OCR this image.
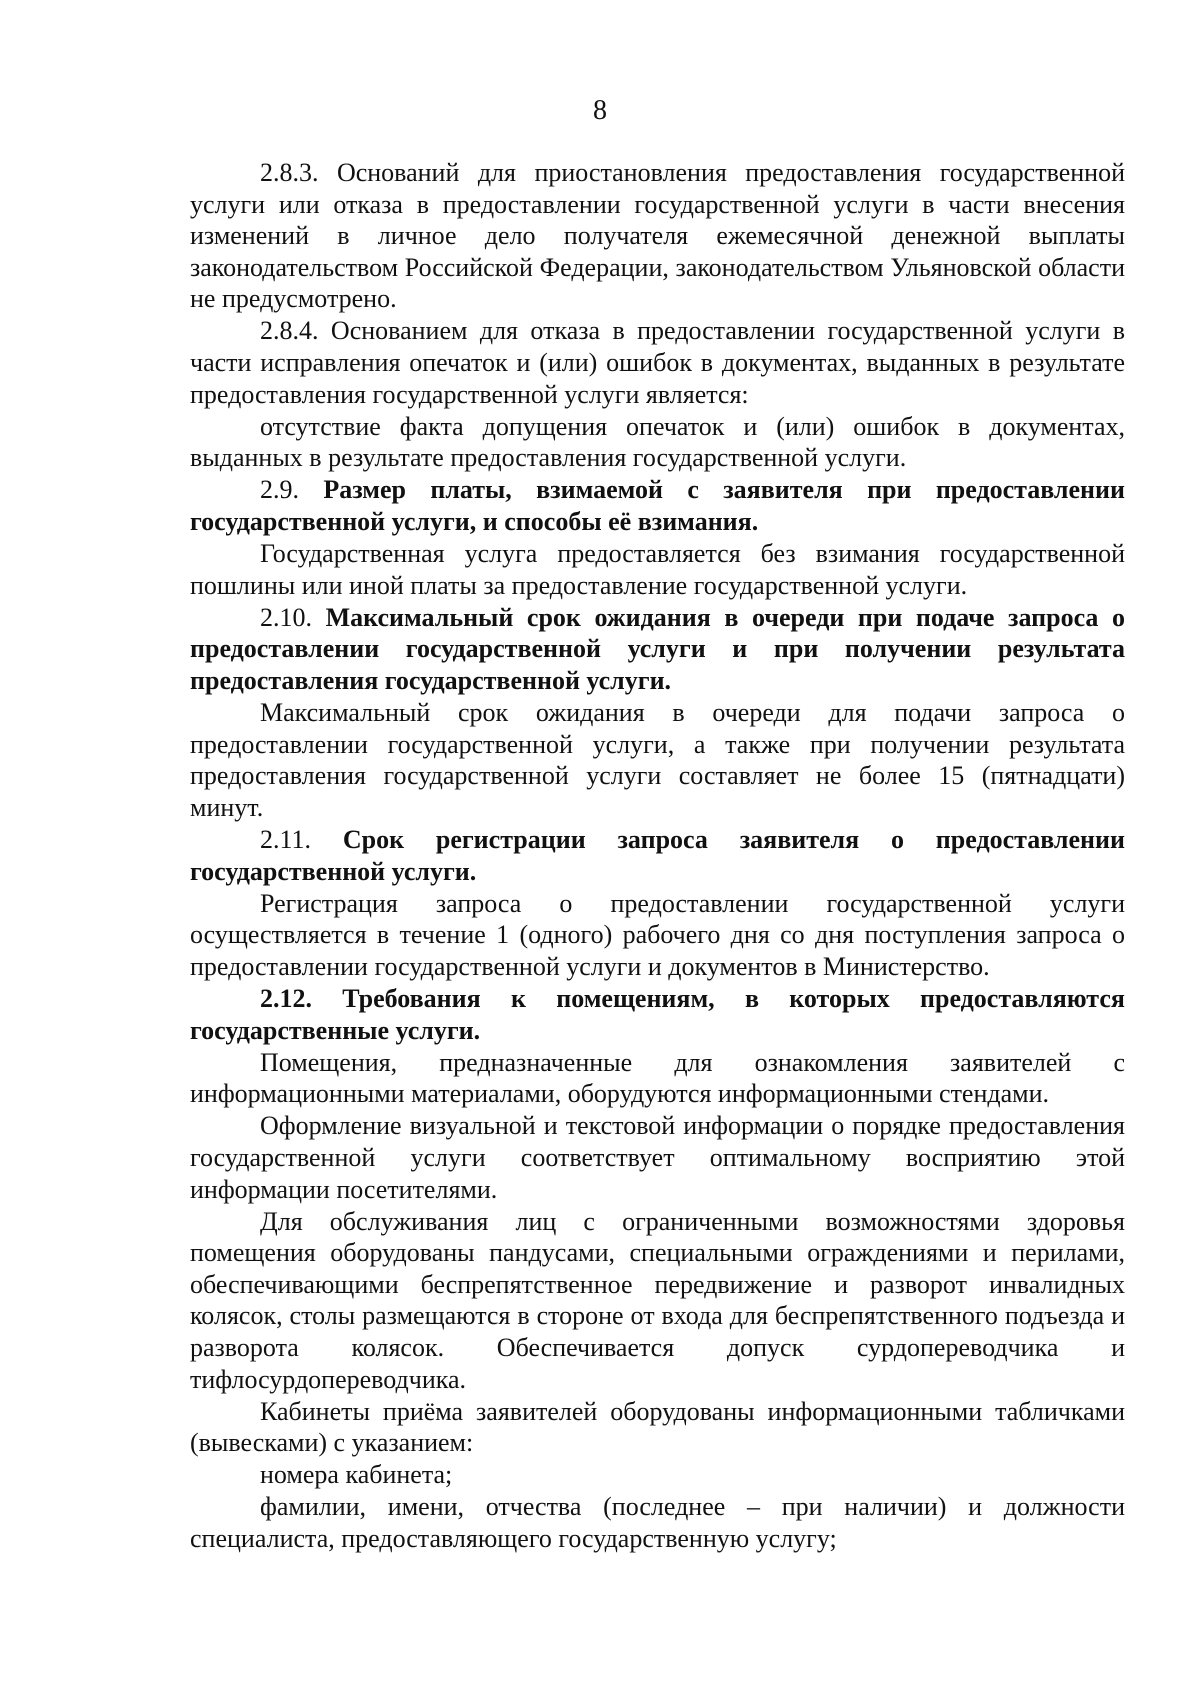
8

2.8.3. Оснований для приостановления предоставления государственной услуги или отказа в предоставлении государственной услуги в части внесения изменений в личное дело получателя ежемесячной денежной выплаты законодательством Российской Федерации, законодательством Ульяновской области не предусмотрено.

2.8.4. Основанием для отказа в предоставлении государственной услуги в части исправления опечаток и (или) ошибок в документах, выданных в результате предоставления государственной услуги является:

отсутствие факта допущения опечаток и (или) ошибок в документах, выданных в результате предоставления государственной услуги.

2.9. Размер платы, взимаемой с заявителя при предоставлении государственной услуги, и способы её взимания.

Государственная услуга предоставляется без взимания государственной пошлины или иной платы за предоставление государственной услуги.

2.10. Максимальный срок ожидания в очереди при подаче запроса о предоставлении государственной услуги и при получении результата предоставления государственной услуги.

Максимальный срок ожидания в очереди для подачи запроса о предоставлении государственной услуги, а также при получении результата предоставления государственной услуги составляет не более 15 (пятнадцати) минут.

2.11. Срок регистрации запроса заявителя о предоставлении государственной услуги.

Регистрация запроса о предоставлении государственной услуги осуществляется в течение 1 (одного) рабочего дня со дня поступления запроса о предоставлении государственной услуги и документов в Министерство.

2.12. Требования к помещениям, в которых предоставляются государственные услуги.

Помещения, предназначенные для ознакомления заявителей с информационными материалами, оборудуются информационными стендами.

Оформление визуальной и текстовой информации о порядке предоставления государственной услуги соответствует оптимальному восприятию этой информации посетителями.

Для обслуживания лиц с ограниченными возможностями здоровья помещения оборудованы пандусами, специальными ограждениями и перилами, обеспечивающими беспрепятственное передвижение и разворот инвалидных колясок, столы размещаются в стороне от входа для беспрепятственного подъезда и разворота колясок. Обеспечивается допуск сурдопереводчика и тифлосурдопереводчика.

Кабинеты приёма заявителей оборудованы информационными табличками (вывесками) с указанием:

номера кабинета;

фамилии, имени, отчества (последнее – при наличии) и должности специалиста, предоставляющего государственную услугу;
